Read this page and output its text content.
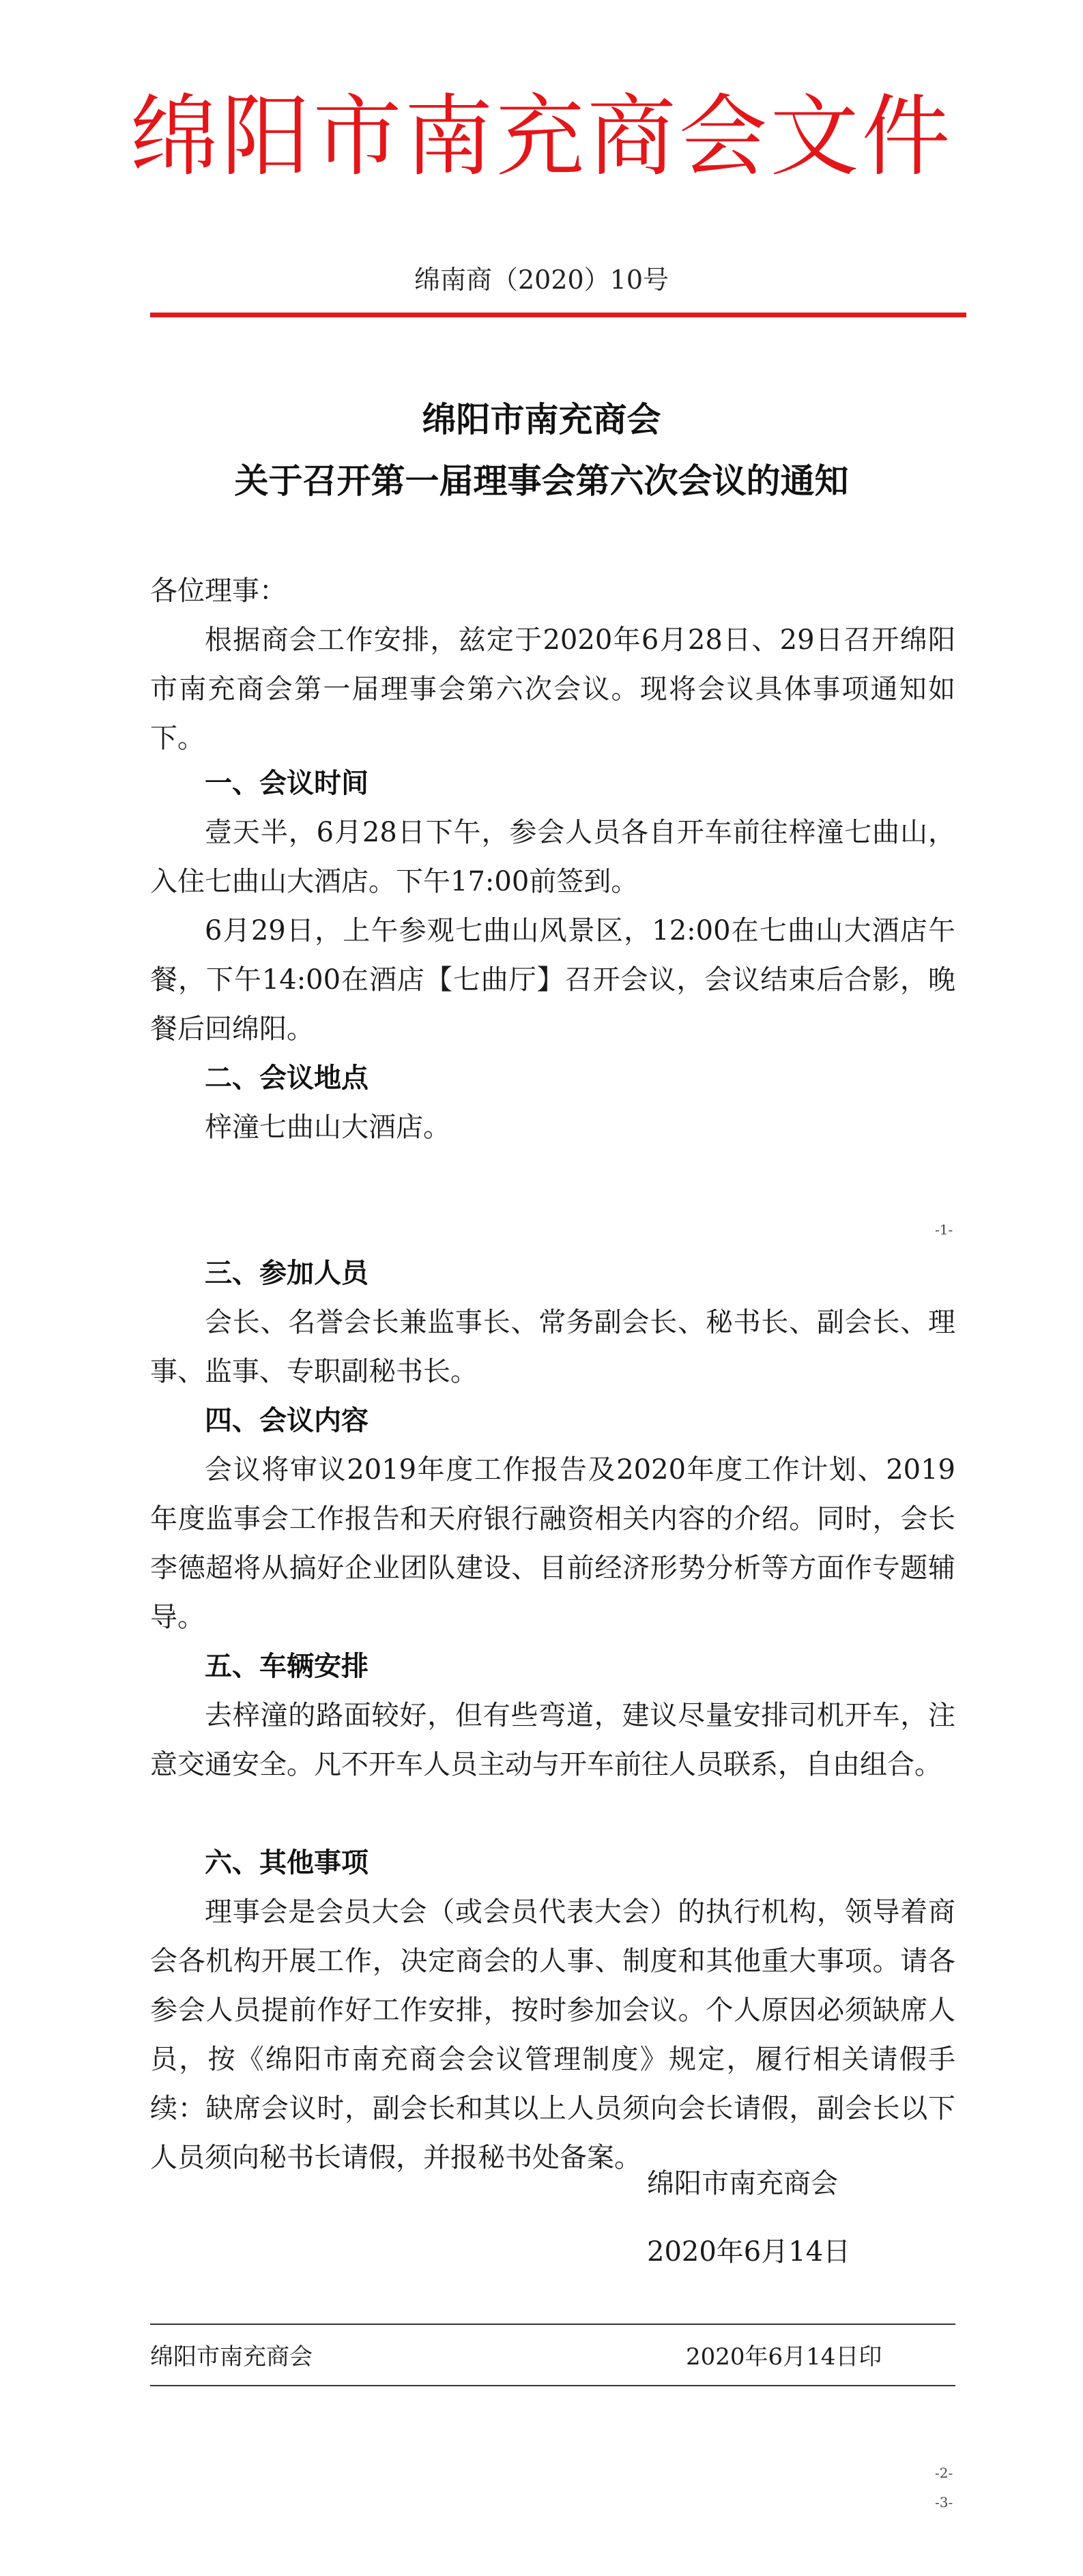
绵阳市南充商会文件
绵南商（2020）10号
绵阳市南充商会
关于召开第一届理事会第六次会议的通知
各位理事：
根据商会工作安排，兹定于2020年6月28日、29日召开绵阳市南充商会第一届理事会第六次会议。现将会议具体事项通知如下。
一、会议时间
壹天半，6月28日下午，参会人员各自开车前往梓潼七曲山，入住七曲山大酒店。下午17:00前签到。
6月29日，上午参观七曲山风景区，12:00在七曲山大酒店午餐，下午14:00在酒店【七曲厅】召开会议，会议结束后合影，晚餐后回绵阳。
二、会议地点
梓潼七曲山大酒店。
-1-
三、参加人员
会长、名誉会长兼监事长、常务副会长、秘书长、副会长、理事、监事、专职副秘书长。
四、会议内容
会议将审议2019年度工作报告及2020年度工作计划、2019年度监事会工作报告和天府银行融资相关内容的介绍。同时，会长李德超将从搞好企业团队建设、目前经济形势分析等方面作专题辅导。
五、车辆安排
去梓潼的路面较好，但有些弯道，建议尽量安排司机开车，注意交通安全。凡不开车人员主动与开车前往人员联系，自由组合。
六、其他事项
理事会是会员大会（或会员代表大会）的执行机构，领导着商会各机构开展工作，决定商会的人事、制度和其他重大事项。请各参会人员提前作好工作安排，按时参加会议。个人原因必须缺席人员，按《绵阳市南充商会会议管理制度》规定，履行相关请假手续：缺席会议时，副会长和其以上人员须向会长请假，副会长以下人员须向秘书长请假，并报秘书处备案。
绵阳市南充商会
2020年6月14日
绵阳市南充商会	2020年6月14日印
-2-
-3-
